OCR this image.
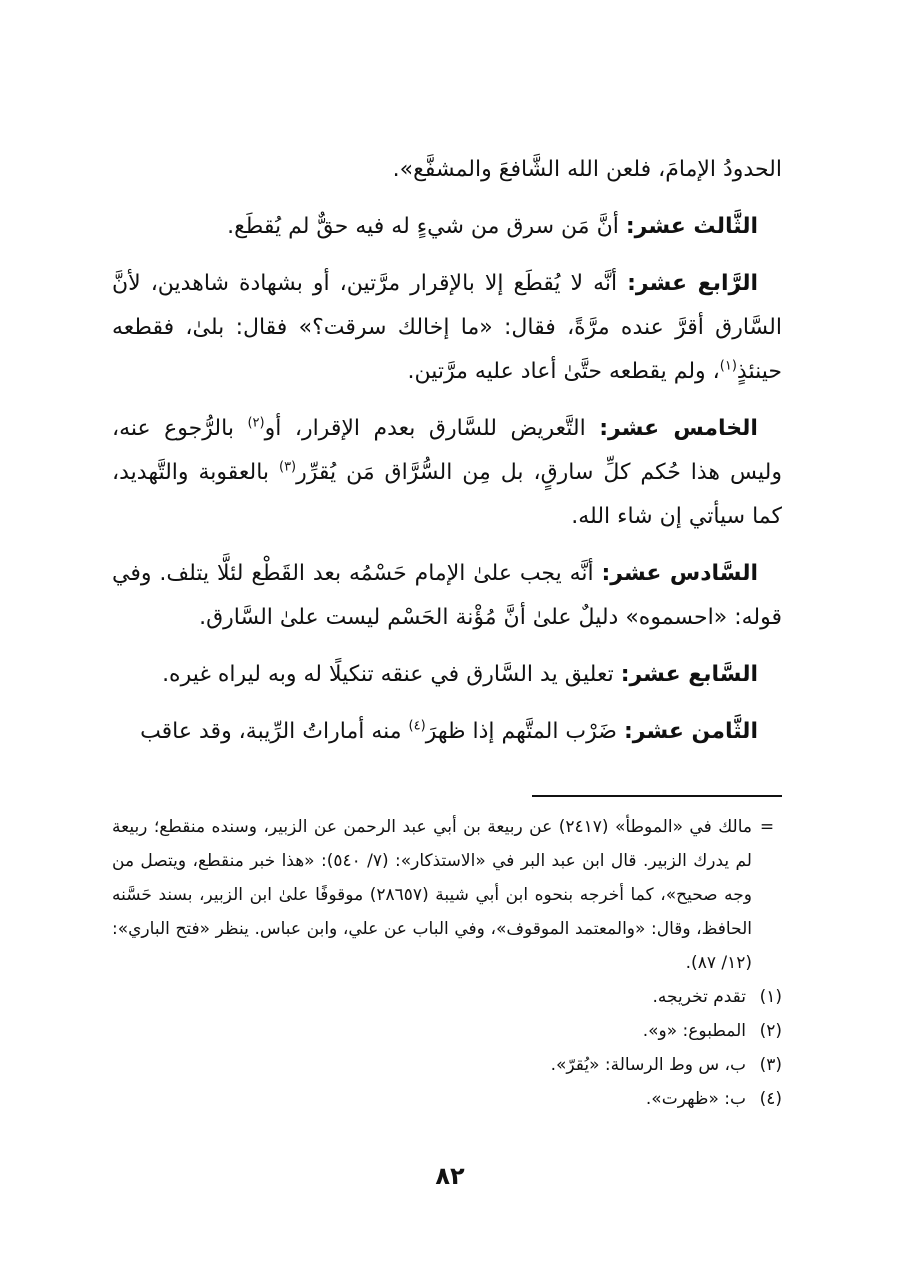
الحدودُ الإمامَ، فلعن الله الشَّافعَ والمشفَّع».

الثَّالث عشر: أنَّ مَن سرق من شيءٍ له فيه حقٌّ لم يُقطَع.

الرَّابع عشر: أنَّه لا يُقطَع إلا بالإقرار مرَّتين، أو بشهادة شاهدين، لأنَّ السَّارق أقرَّ عنده مرَّةً، فقال: «ما إخالك سرقت؟» فقال: بلىٰ، فقطعه حينئذٍ$^{(١)}$، ولم يقطعه حتَّىٰ أعاد عليه مرَّتين.

الخامس عشر: التَّعريض للسَّارق بعدم الإقرار، أو$^{(٢)}$ بالرُّجوع عنه، وليس هذا حُكم كلِّ سارقٍ، بل مِن السُّرَّاق مَن يُقرِّر$^{(٣)}$ بالعقوبة والتَّهديد، كما سيأتي إن شاء الله.

السَّادس عشر: أنَّه يجب علىٰ الإمام حَسْمُه بعد القَطْع لئلَّا يتلف. وفي قوله: «احسموه» دليلٌ علىٰ أنَّ مُؤْنة الحَسْم ليست علىٰ السَّارق.

السَّابع عشر: تعليق يد السَّارق في عنقه تنكيلًا له وبه ليراه غيره.

الثَّامن عشر: ضَرْب المتَّهم إذا ظهرَ$^{(٤)}$ منه أماراتُ الرِّيبة، وقد عاقب

=
مالك في «الموطأ» (٢٤١٧) عن ربيعة بن أبي عبد الرحمن عن الزبير، وسنده منقطع؛ ربيعة لم يدرك الزبير. قال ابن عبد البر في «الاستذكار»: (٧/ ٥٤٠): «هذا خبر منقطع، ويتصل من وجه صحيح»، كما أخرجه بنحوه ابن أبي شيبة (٢٨٦٥٧) موقوفًا علىٰ ابن الزبير، بسند حَسَّنه الحافظ، وقال: «والمعتمد الموقوف»، وفي الباب عن علي، وابن عباس. ينظر «فتح الباري»: (١٢/ ٨٧).
(١)
تقدم تخريجه.
(٢)
المطبوع: «و».
(٣)
ب، س وط الرسالة: «يُقرّ».
(٤)
ب: «ظهرت».
٨٢
